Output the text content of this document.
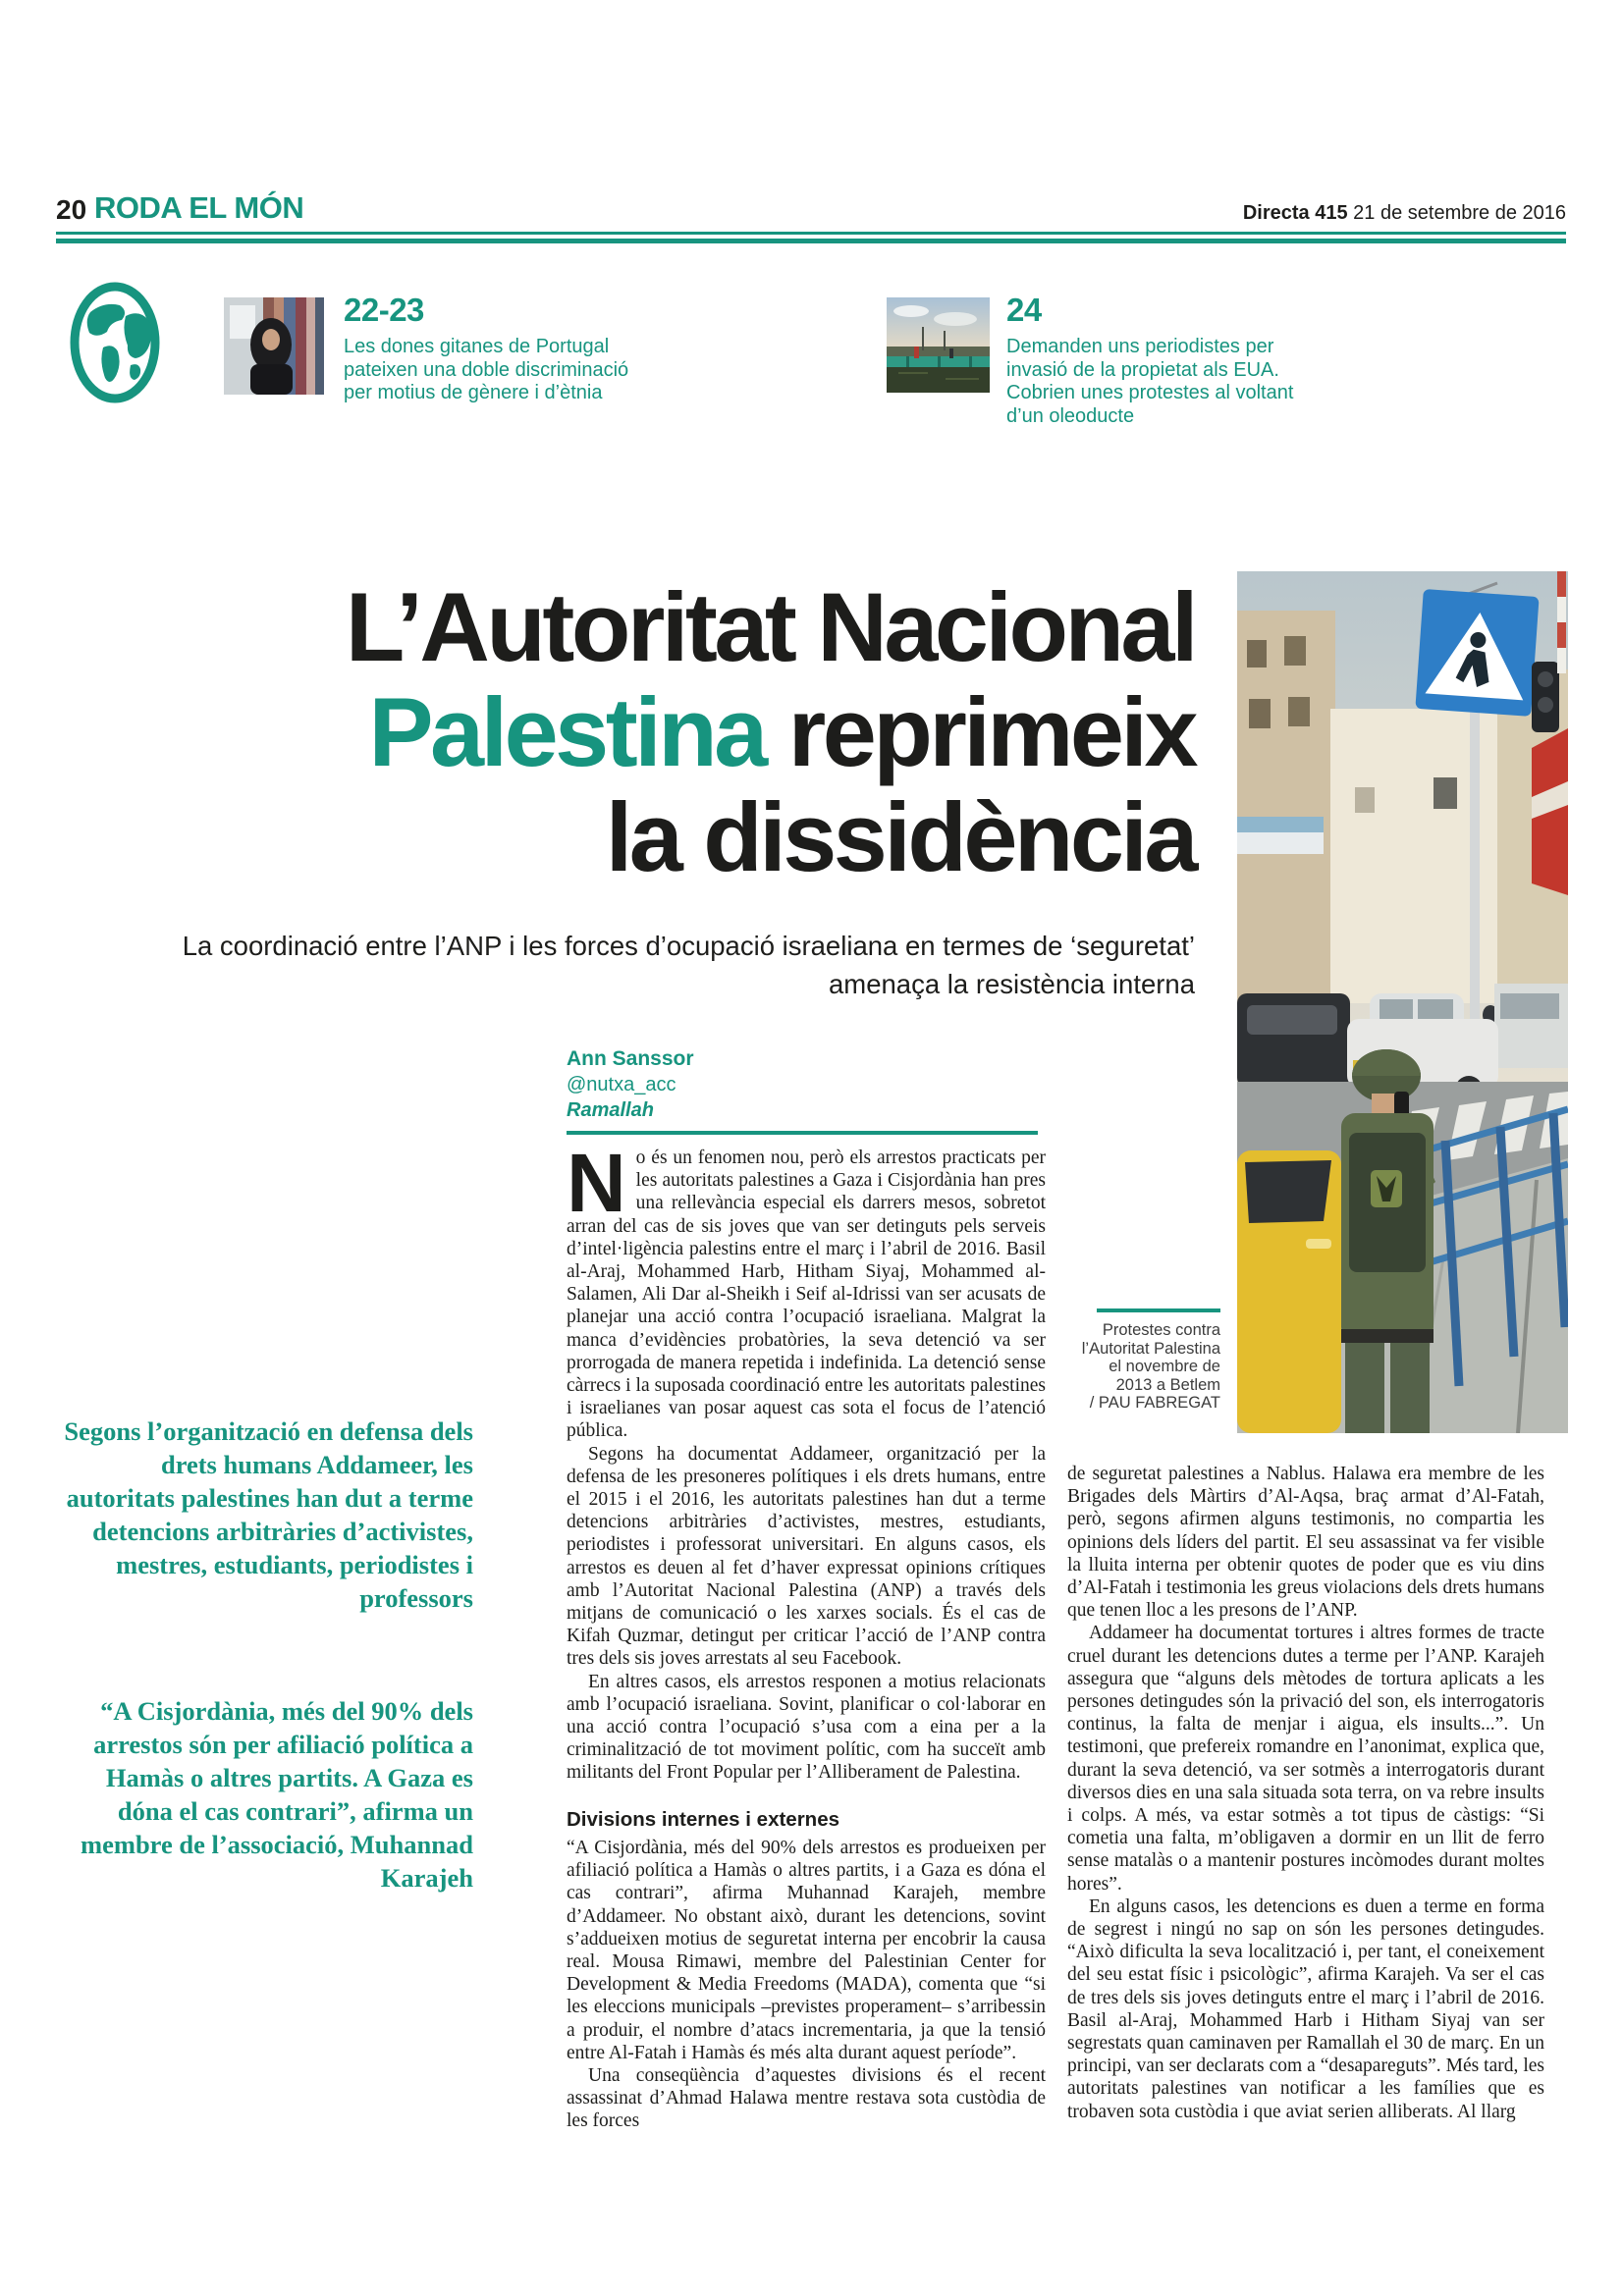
20 RODA EL MÓN	Directa 415 21 de setembre de 2016
22-23
Les dones gitanes de Portugal pateixen una doble discriminació per motius de gènere i d’ètnia
24
Demanden uns periodistes per invasió de la propietat als EUA. Cobrien unes protestes al voltant d’un oleoducte
L’Autoritat Nacional
Palestina reprimeix
la dissidència
La coordinació entre l’ANP i les forces d’ocupació israeliana en termes de ‘seguretat’
amenaça la resistència interna
Ann Sanssor
@nutxa_acc
Ramallah

No és un fenomen nou, però els arrestos practicats per les autoritats palestines a Gaza i Cisjordània han pres una rellevància especial els darrers mesos, sobretot arran del cas de sis joves que van ser detinguts pels serveis d’intel·ligència palestins entre el març i l’abril de 2016. Basil al-Araj, Mohammed Harb, Hitham Siyaj, Mohammed al-Salamen, Ali Dar al-Sheikh i Seif al-Idrissi van ser acusats de planejar una acció contra l’ocupació israeliana. Malgrat la manca d’evidències probatòries, la seva detenció va ser prorrogada de manera repetida i indefinida. La detenció sense càrrecs i la suposada coordinació entre les autoritats palestines i israelianes van posar aquest cas sota el focus de l’atenció pública.

Segons ha documentat Addameer, organització per la defensa de les presoneres polítiques i els drets humans, entre el 2015 i el 2016, les autoritats palestines han dut a terme detencions arbitràries d’activistes, mestres, estudiants, periodistes i professorat universitari. En alguns casos, els arrestos es deuen al fet d’haver expressat opinions crítiques amb l’Autoritat Nacional Palestina (ANP) a través dels mitjans de comunicació o les xarxes socials. És el cas de Kifah Quzmar, detingut per criticar l’acció de l’ANP contra tres dels sis joves arrestats al seu Facebook.

En altres casos, els arrestos responen a motius relacionats amb l’ocupació israeliana. Sovint, planificar o col·laborar en una acció contra l’ocupació s’usa com a eina per a la criminalització de tot moviment polític, com ha succeït amb militants del Front Popular per l’Alliberament de Palestina.

Divisions internes i externes

“A Cisjordània, més del 90% dels arrestos es produeixen per afiliació política a Hamàs o altres partits, i a Gaza es dóna el cas contrari”, afirma Muhannad Karajeh, membre d’Addameer. No obstant això, durant les detencions, sovint s’addueixen motius de seguretat interna per encobrir la causa real. Mousa Rimawi, membre del Palestinian Center for Development & Media Freedoms (MADA), comenta que “si les eleccions municipals –previstes properament– s’arribessin a produir, el nombre d’atacs incrementaria, ja que la tensió entre Al-Fatah i Hamàs és més alta durant aquest període”.

Una conseqüència d’aquestes divisions és el recent assassinat d’Ahmad Halawa mentre restava sota custòdia de les forces

Segons l’organització en defensa dels drets humans Addameer, les autoritats palestines han dut a terme detencions arbitràries d’activistes, mestres, estudiants, periodistes i professors
“A Cisjordània, més del 90% dels arrestos són per afiliació política a Hamàs o altres partits. A Gaza es dóna el cas contrari”, afirma un membre de l’associació, Muhannad Karajeh
Protestes contra l’Autoritat Palestina el novembre de 2013 a Betlem
/ PAU FABREGAT

de seguretat palestines a Nablus. Halawa era membre de les Brigades dels Màrtirs d’Al-Aqsa, braç armat d’Al-Fatah, però, segons afirmen alguns testimonis, no compartia les opinions dels líders del partit. El seu assassinat va fer visible la lluita interna per obtenir quotes de poder que es viu dins d’Al-Fatah i testimonia les greus violacions dels drets humans que tenen lloc a les presons de l’ANP.

Addameer ha documentat tortures i altres formes de tracte cruel durant les detencions dutes a terme per l’ANP. Karajeh assegura que “alguns dels mètodes de tortura aplicats a les persones detingudes són la privació del son, els interrogatoris continus, la falta de menjar i aigua, els insults...”. Un testimoni, que prefereix romandre en l’anonimat, explica que, durant la seva detenció, va ser sotmès a interrogatoris durant diversos dies en una sala situada sota terra, on va rebre insults i colps. A més, va estar sotmès a tot tipus de càstigs: “Si cometia una falta, m’obligaven a dormir en un llit de ferro sense matalàs o a mantenir postures incòmodes durant moltes hores”.

En alguns casos, les detencions es duen a terme en forma de segrest i ningú no sap on són les persones detingudes. “Això dificulta la seva localització i, per tant, el coneixement del seu estat físic i psicològic”, afirma Karajeh. Va ser el cas de tres dels sis joves detinguts entre el març i l’abril de 2016. Basil al-Araj, Mohammed Harb i Hitham Siyaj van ser segrestats quan caminaven per Ramallah el 30 de març. En un principi, van ser declarats com a “desapareguts”. Més tard, les autoritats palestines van notificar a les famílies que es trobaven sota custòdia i que aviat serien alliberats. Al llarg
